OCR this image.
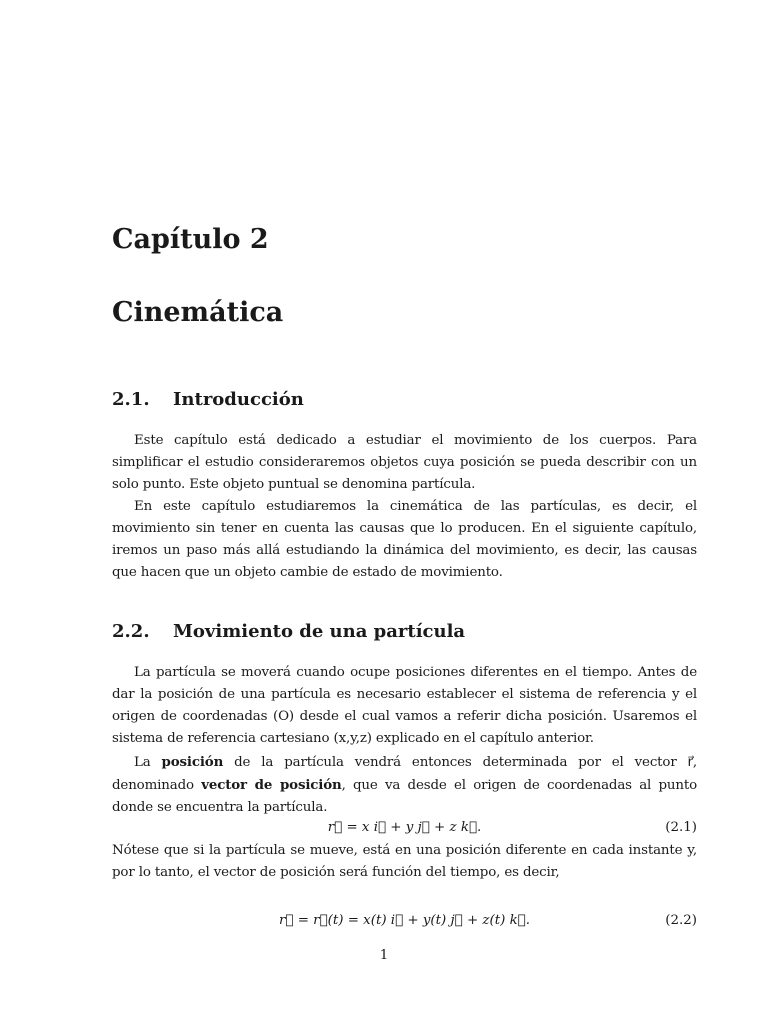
Capítulo 2
Cinemática
2.1. Introducción

Este capítulo está dedicado a estudiar el movimiento de los cuerpos. Para simplificar el estudio consideraremos objetos cuya posición se pueda describir con un solo punto. Este objeto puntual se denomina partícula.

En este capítulo estudiaremos la cinemática de las partículas, es decir, el movimiento sin tener en cuenta las causas que lo producen. En el siguiente capítulo, iremos un paso más allá estudiando la dinámica del movimiento, es decir, las causas que hacen que un objeto cambie de estado de movimiento.

2.2. Movimiento de una partícula

La partícula se moverá cuando ocupe posiciones diferentes en el tiempo. Antes de dar la posición de una partícula es necesario establecer el sistema de referencia y el origen de coordenadas (O) desde el cual vamos a referir dicha posición. Usaremos el sistema de referencia cartesiano (x,y,z) explicado en el capítulo anterior.

La posición de la partícula vendrá entonces determinada por el vector r⃗, denominado vector de posición, que va desde el origen de coordenadas al punto donde se encuentra la partícula.

r⃗ = x i⃗ + y j⃗ + z k⃗.	(2.1)

Nótese que si la partícula se mueve, está en una posición diferente en cada instante y, por lo tanto, el vector de posición será función del tiempo, es decir,

r⃗ = r⃗(t) = x(t) i⃗ + y(t) j⃗ + z(t) k⃗.	(2.2)

1
